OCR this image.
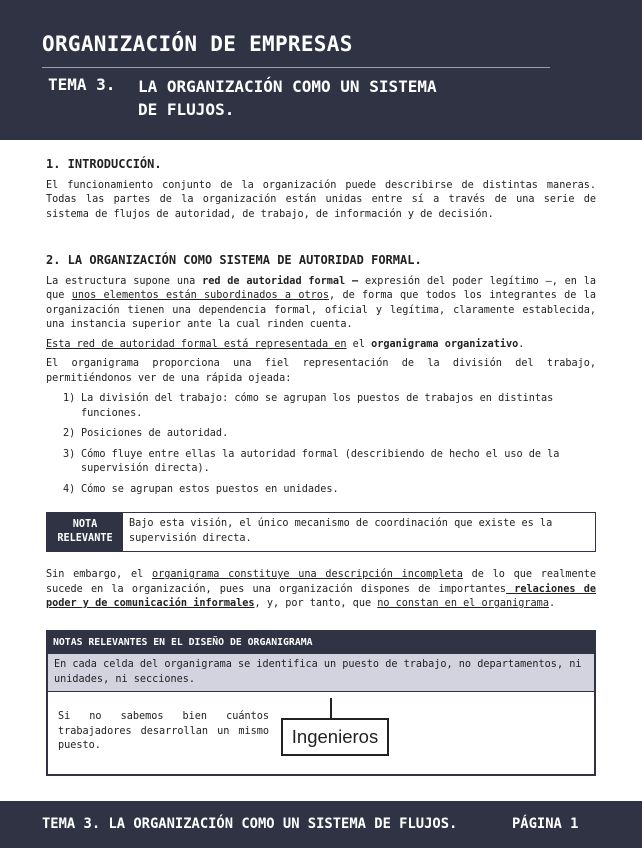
ORGANIZACIÓN DE EMPRESAS
TEMA 3. LA ORGANIZACIÓN COMO UN SISTEMA DE FLUJOS.
1. INTRODUCCIÓN.

El funcionamiento conjunto de la organización puede describirse de distintas maneras. Todas las partes de la organización están unidas entre sí a través de una serie de sistema de flujos de autoridad, de trabajo, de información y de decisión.

2. LA ORGANIZACIÓN COMO SISTEMA DE AUTORIDAD FORMAL.

La estructura supone una red de autoridad formal – expresión del poder legítimo –, en la que unos elementos están subordinados a otros, de forma que todos los integrantes de la organización tienen una dependencia formal, oficial y legítima, claramente establecida, una instancia superior ante la cual rinden cuenta.

Esta red de autoridad formal está representada en el organigrama organizativo.

El organigrama proporciona una fiel representación de la división del trabajo, permitiéndonos ver de una rápida ojeada:

1) La división del trabajo: cómo se agrupan los puestos de trabajos en distintas funciones.
2) Posiciones de autoridad.
3) Cómo fluye entre ellas la autoridad formal (describiendo de hecho el uso de la supervisión directa).
4) Cómo se agrupan estos puestos en unidades.
NOTA
RELEVANTE
Bajo esta visión, el único mecanismo de coordinación que existe es la supervisión directa.

Sin embargo, el organigrama constituye una descripción incompleta de lo que realmente sucede en la organización, pues una organización dispones de importantes relaciones de poder y de comunicación informales, y, por tanto, que no constan en el organigrama.

NOTAS RELEVANTES EN EL DISEÑO DE ORGANIGRAMA
En cada celda del organigrama se identifica un puesto de trabajo, no departamentos, ni unidades, ni secciones.
Si no sabemos bien cuántos trabajadores desarrollan un mismo puesto.	Ingenieros
TEMA 3. LA ORGANIZACIÓN COMO UN SISTEMA DE FLUJOS.	PÁGINA 1
